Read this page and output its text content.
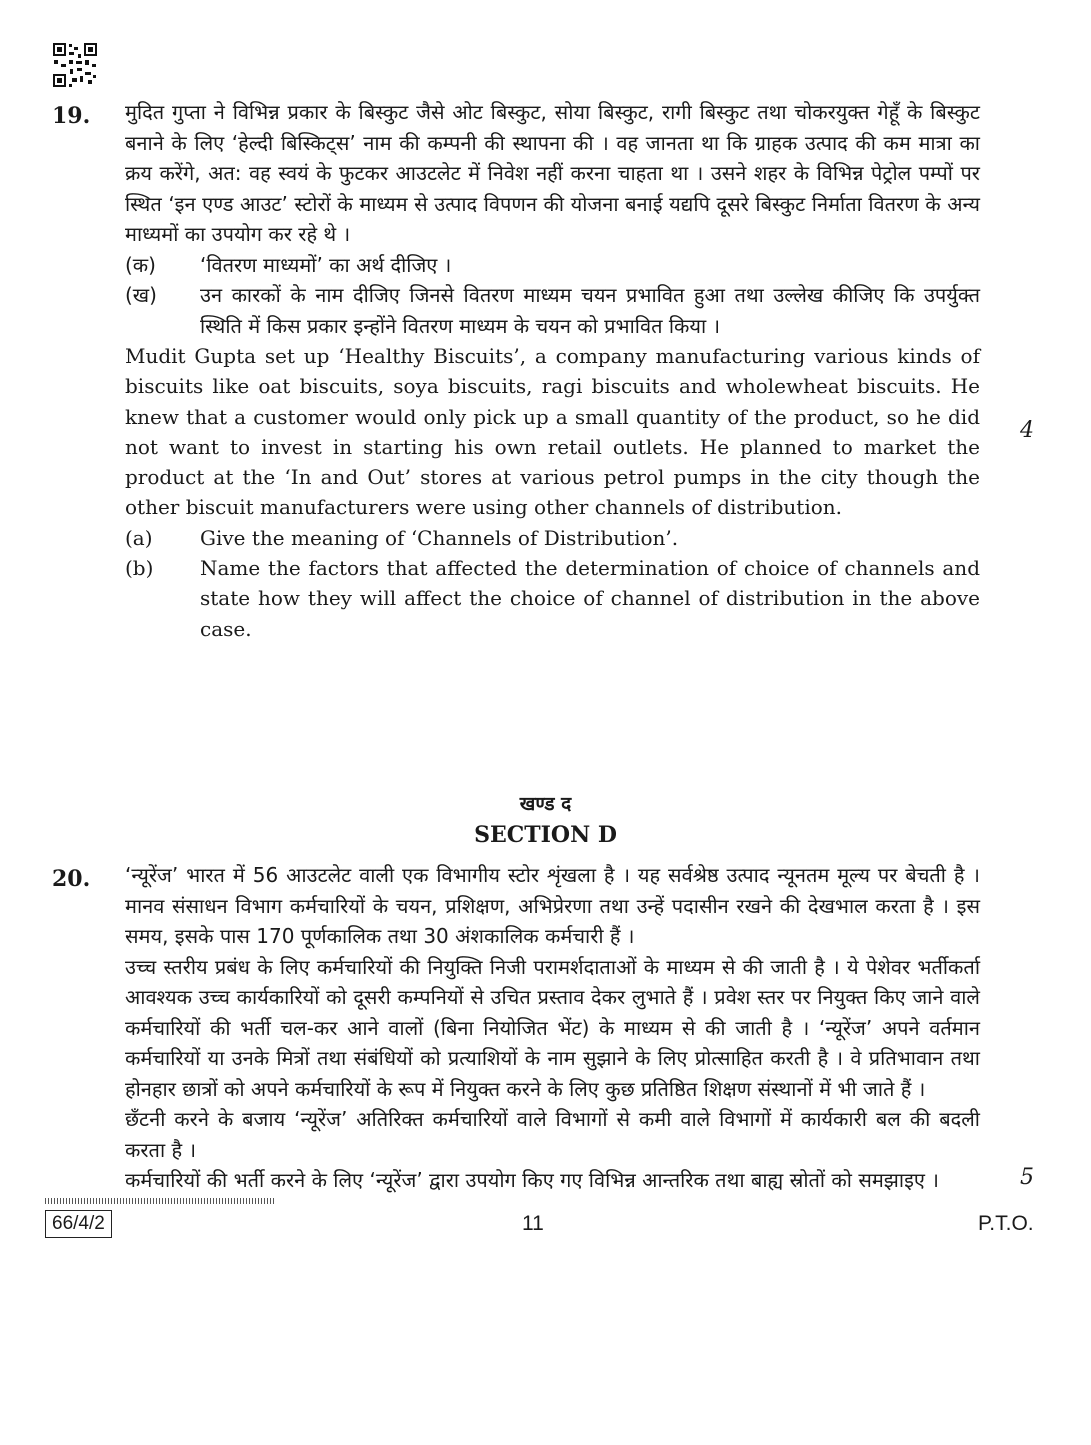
19. मुदित गुप्ता ने विभिन्न प्रकार के बिस्कुट जैसे ओट बिस्कुट, सोया बिस्कुट, रागी बिस्कुट तथा चोकरयुक्त गेहूँ के बिस्कुट बनाने के लिए ‘हेल्दी बिस्किट्स’ नाम की कम्पनी की स्थापना की । वह जानता था कि ग्राहक उत्पाद की कम मात्रा का क्रय करेंगे, अत: वह स्वयं के फुटकर आउटलेट में निवेश नहीं करना चाहता था । उसने शहर के विभिन्न पेट्रोल पम्पों पर स्थित ‘इन एण्ड आउट’ स्टोरों के माध्यम से उत्पाद विपणन की योजना बनाई यद्यपि दूसरे बिस्कुट निर्माता वितरण के अन्य माध्यमों का उपयोग कर रहे थे ।

(क)	‘वितरण माध्यमों’ का अर्थ दीजिए ।
(ख)	उन कारकों के नाम दीजिए जिनसे वितरण माध्यम चयन प्रभावित हुआ तथा उल्लेख कीजिए कि उपर्युक्त स्थिति में किस प्रकार इन्होंने वितरण माध्यम के चयन को प्रभावित किया ।

Mudit Gupta set up ‘Healthy Biscuits’, a company manufacturing various kinds of biscuits like oat biscuits, soya biscuits, ragi biscuits and wholewheat biscuits. He knew that a customer would only pick up a small quantity of the product, so he did not want to invest in starting his own retail outlets. He planned to market the product at the ‘In and Out’ stores at various petrol pumps in the city though the other biscuit manufacturers were using other channels of distribution.

(a)	Give the meaning of ‘Channels of Distribution’.
(b)	Name the factors that affected the determination of choice of channels and state how they will affect the choice of channel of distribution in the above case.
4

खण्ड द

SECTION D

20. ‘न्यूरेंज’ भारत में 56 आउटलेट वाली एक विभागीय स्टोर शृंखला है । यह सर्वश्रेष्ठ उत्पाद न्यूनतम मूल्य पर बेचती है । मानव संसाधन विभाग कर्मचारियों के चयन, प्रशिक्षण, अभिप्रेरणा तथा उन्हें पदासीन रखने की देखभाल करता है । इस समय, इसके पास 170 पूर्णकालिक तथा 30 अंशकालिक कर्मचारी हैं ।

उच्च स्तरीय प्रबंध के लिए कर्मचारियों की नियुक्ति निजी परामर्शदाताओं के माध्यम से की जाती है । ये पेशेवर भर्तीकर्ता आवश्यक उच्च कार्यकारियों को दूसरी कम्पनियों से उचित प्रस्ताव देकर लुभाते हैं । प्रवेश स्तर पर नियुक्त किए जाने वाले कर्मचारियों की भर्ती चल-कर आने वालों (बिना नियोजित भेंट) के माध्यम से की जाती है । ‘न्यूरेंज’ अपने वर्तमान कर्मचारियों या उनके मित्रों तथा संबंधियों को प्रत्याशियों के नाम सुझाने के लिए प्रोत्साहित करती है । वे प्रतिभावान तथा होनहार छात्रों को अपने कर्मचारियों के रूप में नियुक्त करने के लिए कुछ प्रतिष्ठित शिक्षण संस्थानों में भी जाते हैं ।

छँटनी करने के बजाय ‘न्यूरेंज’ अतिरिक्त कर्मचारियों वाले विभागों से कमी वाले विभागों में कार्यकारी बल की बदली करता है ।

कर्मचारियों की भर्ती करने के लिए ‘न्यूरेंज’ द्वारा उपयोग किए गए विभिन्न आन्तरिक तथा बाह्य स्रोतों को समझाइए ।	5
66/4/2	11	P.T.O.
